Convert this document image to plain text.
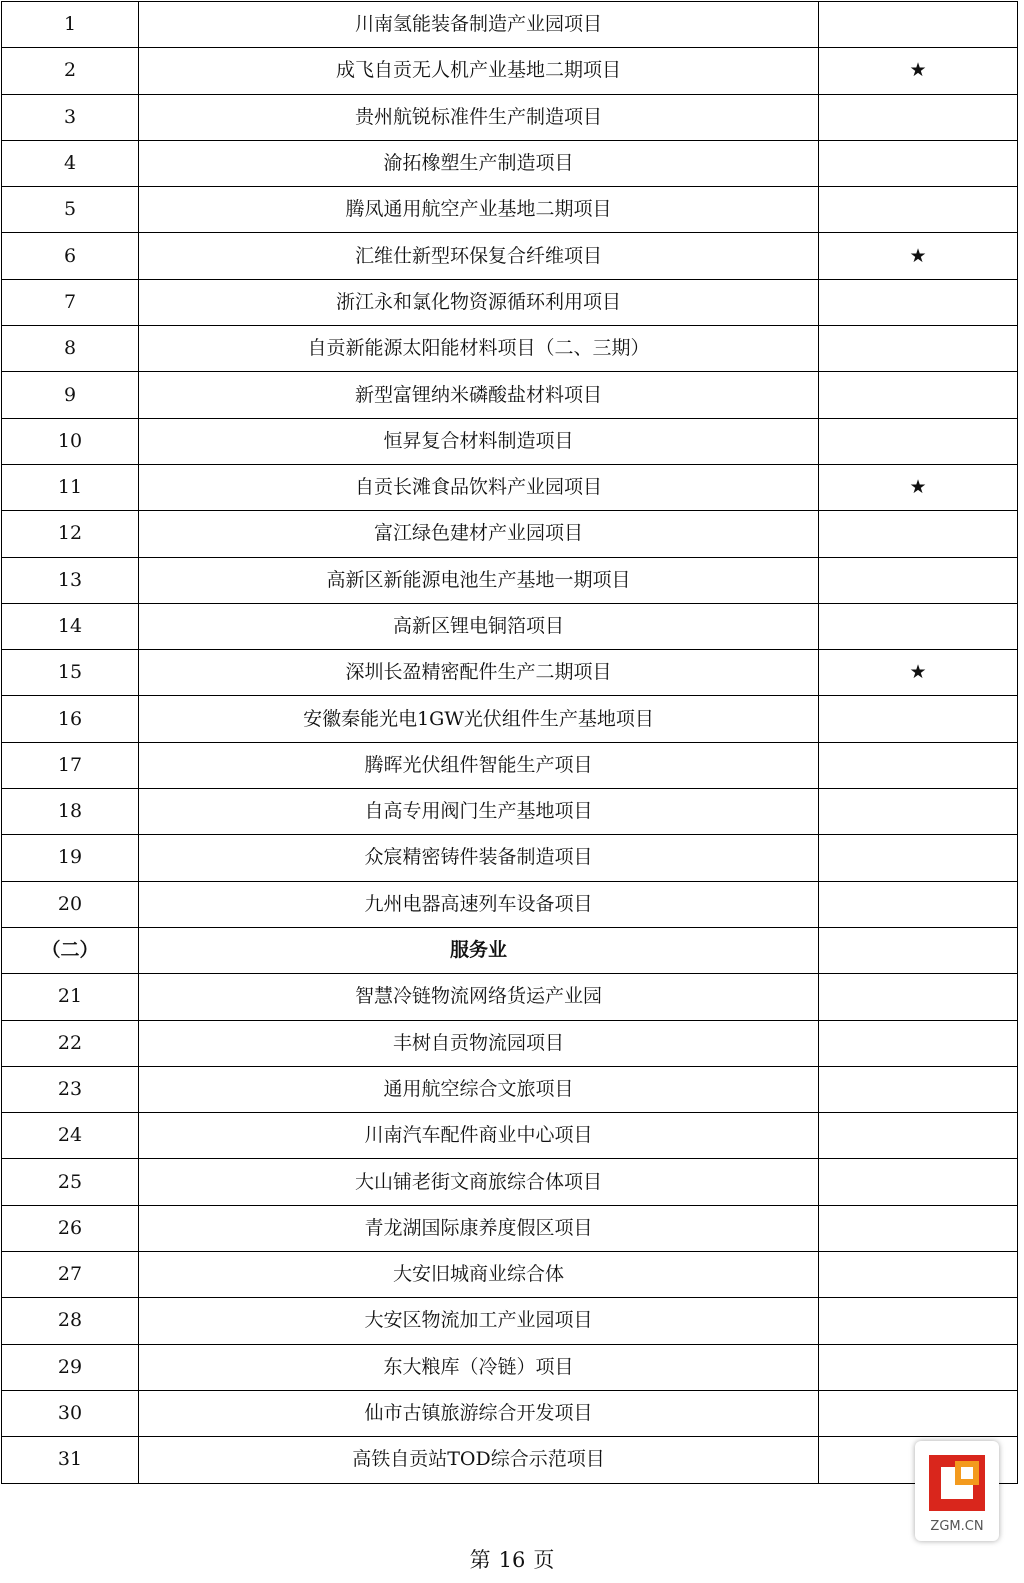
1	川南氢能装备制造产业园项目	
2	成飞自贡无人机产业基地二期项目	★
3	贵州航锐标准件生产制造项目	
4	渝拓橡塑生产制造项目	
5	腾凤通用航空产业基地二期项目	
6	汇维仕新型环保复合纤维项目	★
7	浙江永和氯化物资源循环利用项目	
8	自贡新能源太阳能材料项目（二、三期）	
9	新型富锂纳米磷酸盐材料项目	
10	恒昇复合材料制造项目	
11	自贡长滩食品饮料产业园项目	★
12	富江绿色建材产业园项目	
13	高新区新能源电池生产基地一期项目	
14	高新区锂电铜箔项目	
15	深圳长盈精密配件生产二期项目	★
16	安徽秦能光电1GW光伏组件生产基地项目	
17	腾晖光伏组件智能生产项目	
18	自高专用阀门生产基地项目	
19	众宸精密铸件装备制造项目	
20	九州电器高速列车设备项目	
（二）	服务业	
21	智慧冷链物流网络货运产业园	
22	丰树自贡物流园项目	
23	通用航空综合文旅项目	
24	川南汽车配件商业中心项目	
25	大山铺老街文商旅综合体项目	
26	青龙湖国际康养度假区项目	
27	大安旧城商业综合体	
28	大安区物流加工产业园项目	
29	东大粮库（冷链）项目	
30	仙市古镇旅游综合开发项目	
31	高铁自贡站TOD综合示范项目	
第 16 页
ZGM.CN
